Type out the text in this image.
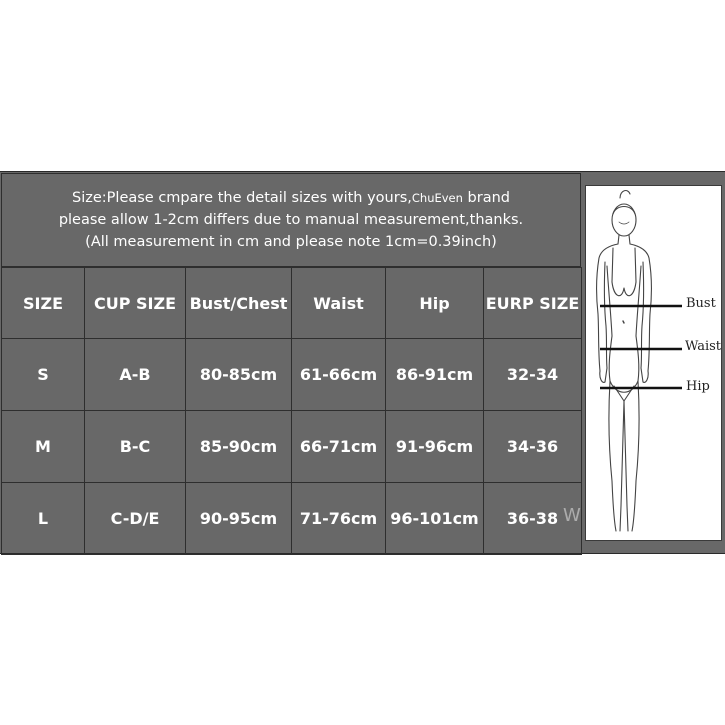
Size:Please cmpare the detail sizes with yours,ChuEven brand
please allow 1-2cm differs due to manual measurement,thanks.
(All measurement in cm and please note 1cm=0.39inch)
SIZE	CUP SIZE	Bust/Chest	Waist	Hip	EURP SIZE
S	A-B	80-85cm	61-66cm	86-91cm	32-34
M	B-C	85-90cm	66-71cm	91-96cm	34-36
L	C-D/E	90-95cm	71-76cm	96-101cm	36-38
Bust
Waist
Hip
W
